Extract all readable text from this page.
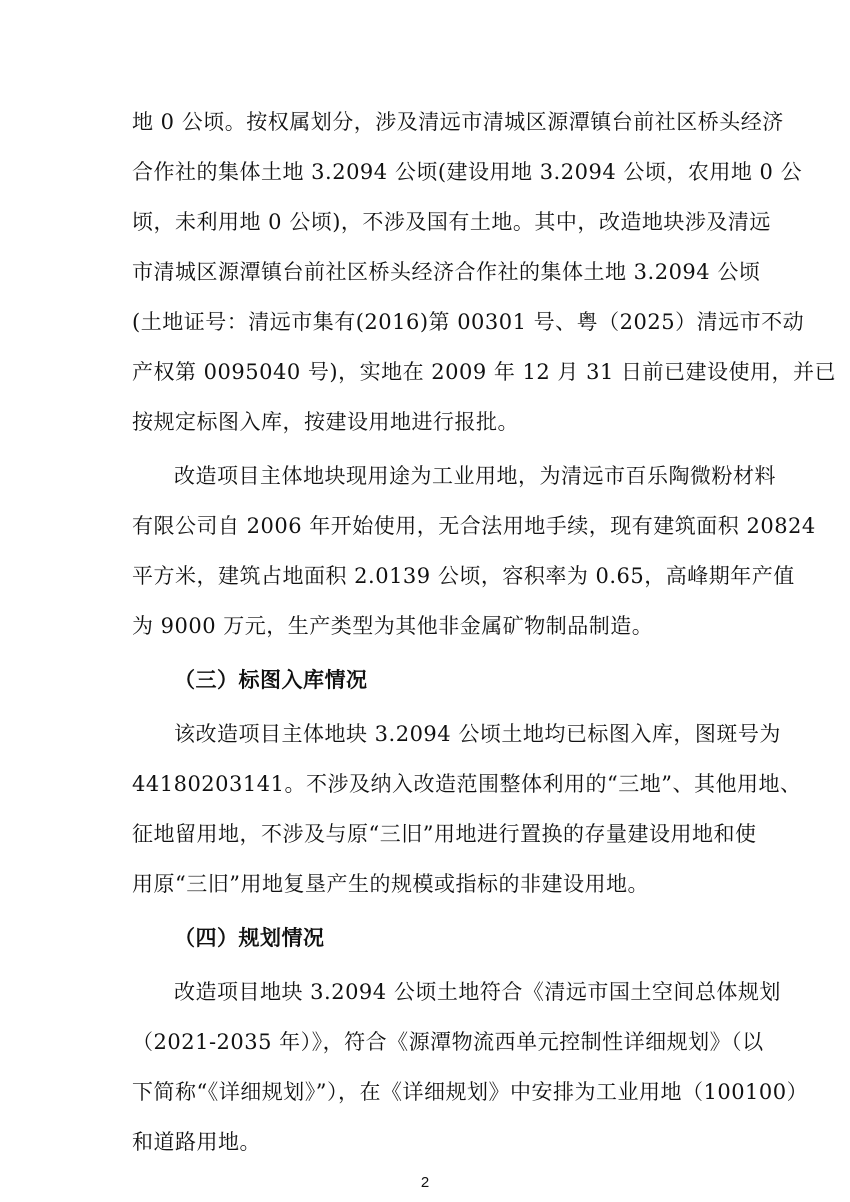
地 0 公顷。按权属划分，涉及清远市清城区源潭镇台前社区桥头经济
合作社的集体土地 3.2094 公顷(建设用地 3.2094 公顷，农用地 0 公
顷，未利用地 0 公顷)，不涉及国有土地。其中，改造地块涉及清远
市清城区源潭镇台前社区桥头经济合作社的集体土地 3.2094 公顷
(土地证号：清远市集有(2016)第 00301 号、粤（2025）清远市不动
产权第 0095040 号)，实地在 2009 年 12 月 31 日前已建设使用，并已
按规定标图入库，按建设用地进行报批。
改造项目主体地块现用途为工业用地，为清远市百乐陶微粉材料
有限公司自 2006 年开始使用，无合法用地手续，现有建筑面积 20824
平方米，建筑占地面积 2.0139 公顷，容积率为 0.65，高峰期年产值
为 9000 万元，生产类型为其他非金属矿物制品制造。
（三）标图入库情况
该改造项目主体地块 3.2094 公顷土地均已标图入库，图斑号为
44180203141。不涉及纳入改造范围整体利用的“三地”、其他用地、
征地留用地，不涉及与原“三旧”用地进行置换的存量建设用地和使
用原“三旧”用地复垦产生的规模或指标的非建设用地。
（四）规划情况
改造项目地块 3.2094 公顷土地符合《清远市国土空间总体规划
（2021-2035 年）》，符合《源潭物流西单元控制性详细规划》（以
下简称“《详细规划》”），在《详细规划》中安排为工业用地（100100）
和道路用地。
2
